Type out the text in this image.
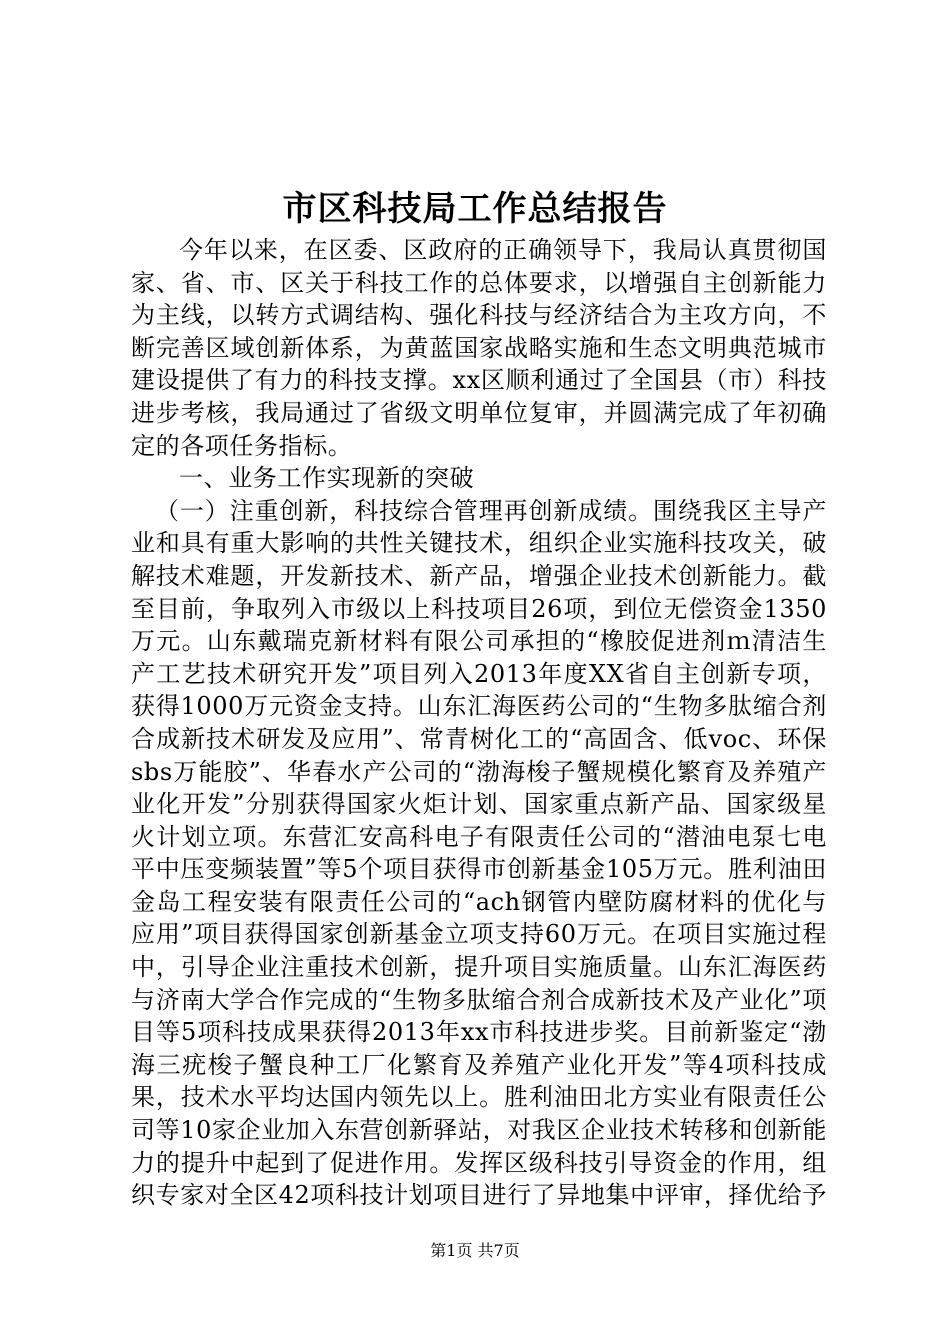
市区科技局工作总结报告

今年以来，在区委、区政府的正确领导下，我局认真贯彻国家、省、市、区关于科技工作的总体要求，以增强自主创新能力为主线，以转方式调结构、强化科技与经济结合为主攻方向，不断完善区域创新体系，为黄蓝国家战略实施和生态文明典范城市建设提供了有力的科技支撑。xx区顺利通过了全国县（市）科技进步考核，我局通过了省级文明单位复审，并圆满完成了年初确定的各项任务指标。

一、业务工作实现新的突破

（一）注重创新，科技综合管理再创新成绩。围绕我区主导产业和具有重大影响的共性关键技术，组织企业实施科技攻关，破解技术难题，开发新技术、新产品，增强企业技术创新能力。截至目前，争取列入市级以上科技项目26项，到位无偿资金1350万元。山东戴瑞克新材料有限公司承担的“橡胶促进剂ｍ清洁生产工艺技术研究开发”项目列入2013年度XX省自主创新专项，获得1000万元资金支持。山东汇海医药公司的“生物多肽缩合剂合成新技术研发及应用”、常青树化工的“高固含、低voc、环保sbs万能胶”、华春水产公司的“渤海梭子蟹规模化繁育及养殖产业化开发”分别获得国家火炬计划、国家重点新产品、国家级星火计划立项。东营汇安高科电子有限责任公司的“潜油电泵七电平中压变频装置”等5个项目获得市创新基金105万元。胜利油田金岛工程安装有限责任公司的“ach钢管内壁防腐材料的优化与应用”项目获得国家创新基金立项支持60万元。在项目实施过程中，引导企业注重技术创新，提升项目实施质量。山东汇海医药与济南大学合作完成的“生物多肽缩合剂合成新技术及产业化”项目等5项科技成果获得2013年xx市科技进步奖。目前新鉴定“渤海三疣梭子蟹良种工厂化繁育及养殖产业化开发”等4项科技成果，技术水平均达国内领先以上。胜利油田北方实业有限责任公司等10家企业加入东营创新驿站，对我区企业技术转移和创新能力的提升中起到了促进作用。发挥区级科技引导资金的作用，组织专家对全区42项科技计划项目进行了异地集中评审，择优给予

第1页 共7页
